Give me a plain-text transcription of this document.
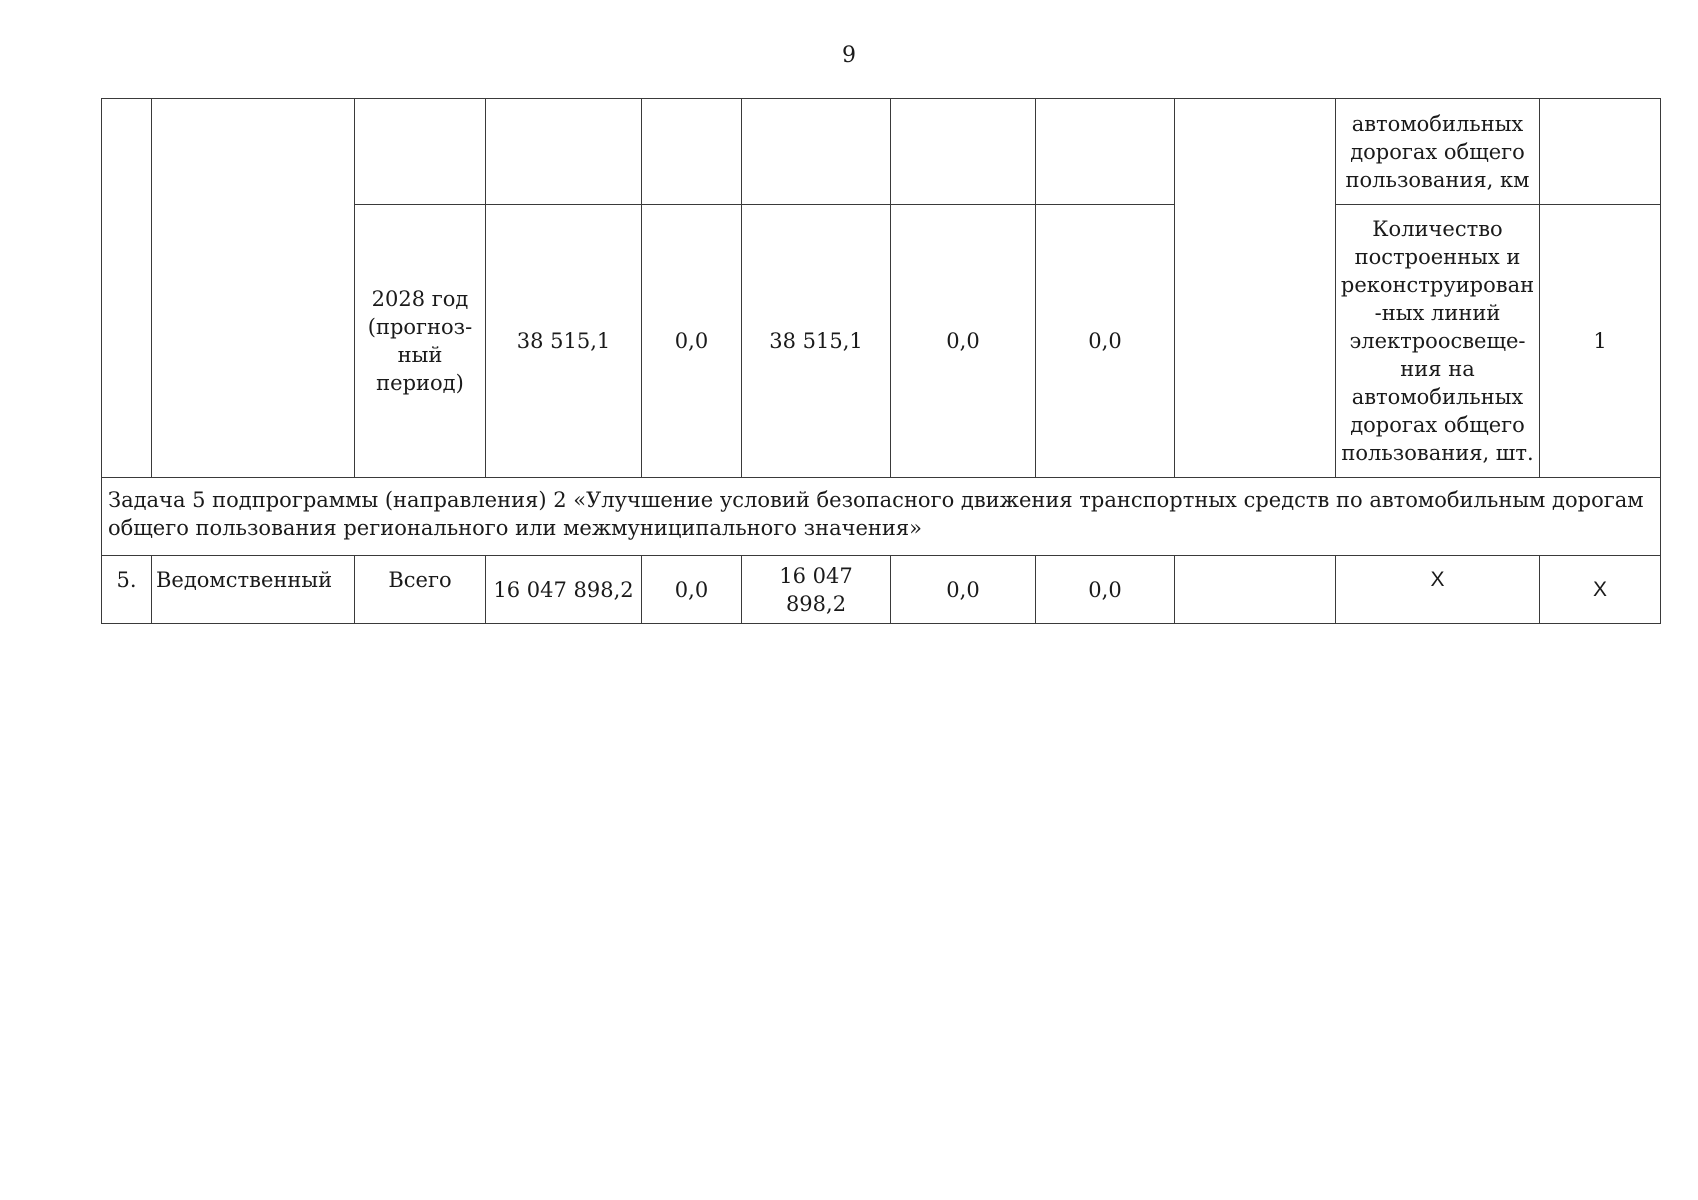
9
									автомобильных дорогах общего пользования, км	
		2028 год (прогноз-ный период)	38 515,1	0,0	38 515,1	0,0	0,0		Количество построенных и реконструирован-ных линий электроосвеще-ния на автомобильных дорогах общего пользования, шт.	1
Задача 5 подпрограммы (направления) 2 «Улучшение условий безопасного движения транспортных средств по автомобильным дорогам общего пользования регионального или межмуниципального значения»										
5.	Ведомственный	Всего	16 047 898,2	0,0	16 047 898,2	0,0	0,0		Х	Х
